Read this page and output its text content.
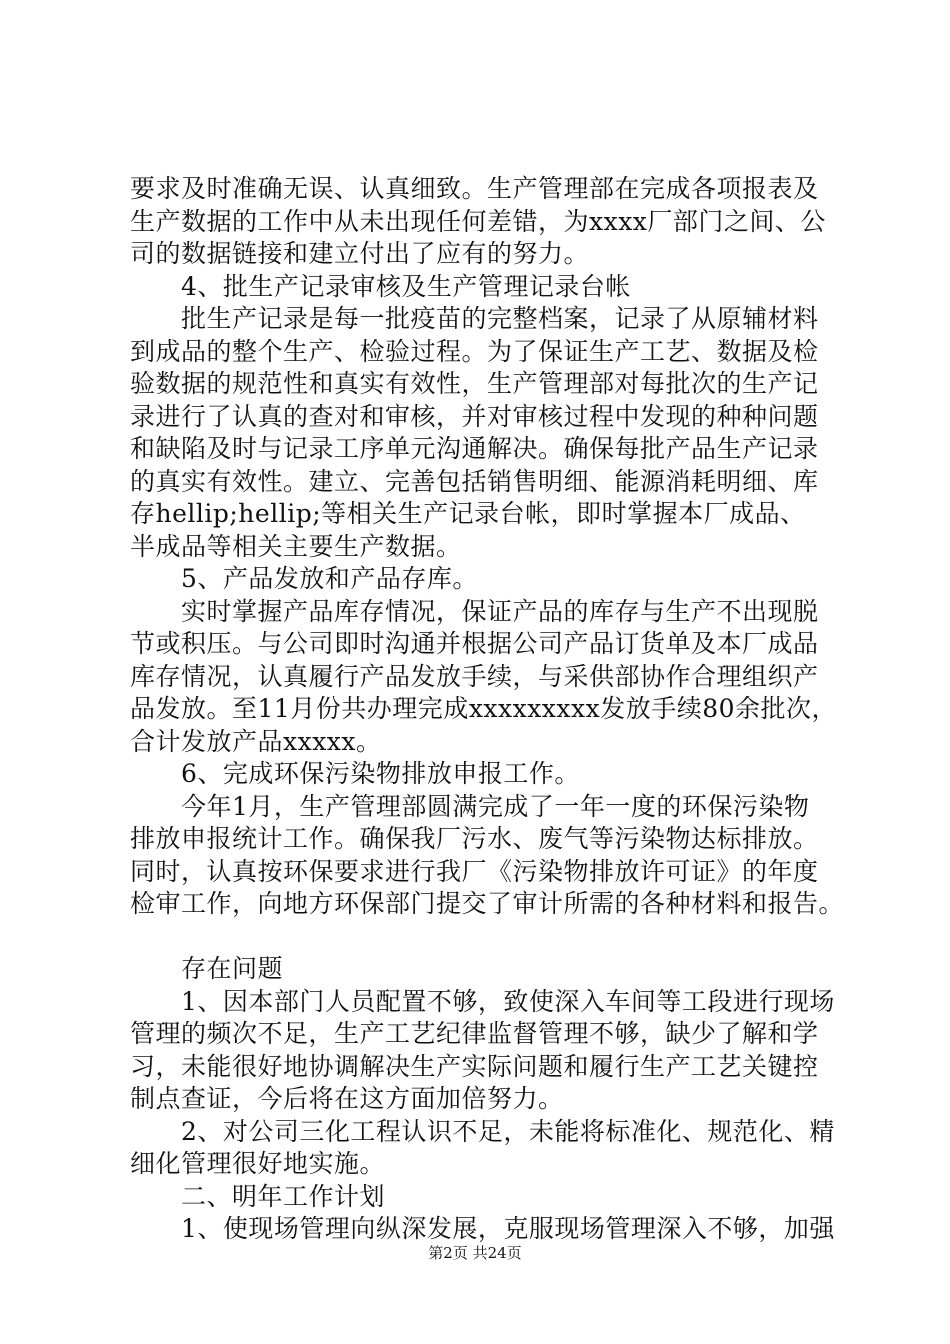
要求及时准确无误、认真细致。生产管理部在完成各项报表及
生产数据的工作中从未出现任何差错，为xxxx厂部门之间、公
司的数据链接和建立付出了应有的努力。
　　4、批生产记录审核及生产管理记录台帐
　　批生产记录是每一批疫苗的完整档案，记录了从原辅材料
到成品的整个生产、检验过程。为了保证生产工艺、数据及检
验数据的规范性和真实有效性，生产管理部对每批次的生产记
录进行了认真的查对和审核，并对审核过程中发现的种种问题
和缺陷及时与记录工序单元沟通解决。确保每批产品生产记录
的真实有效性。建立、完善包括销售明细、能源消耗明细、库
存hellip;hellip;等相关生产记录台帐，即时掌握本厂成品、
半成品等相关主要生产数据。
　　5、产品发放和产品存库。
　　实时掌握产品库存情况，保证产品的库存与生产不出现脱
节或积压。与公司即时沟通并根据公司产品订货单及本厂成品
库存情况，认真履行产品发放手续，与采供部协作合理组织产
品发放。至11月份共办理完成xxxxxxxxx发放手续80余批次，
合计发放产品xxxxx。
　　6、完成环保污染物排放申报工作。
　　今年1月，生产管理部圆满完成了一年一度的环保污染物
排放申报统计工作。确保我厂污水、废气等污染物达标排放。
同时，认真按环保要求进行我厂《污染物排放许可证》的年度
检审工作，向地方环保部门提交了审计所需的各种材料和报告。
　　存在问题
　　1、因本部门人员配置不够，致使深入车间等工段进行现场
管理的频次不足，生产工艺纪律监督管理不够，缺少了解和学
习，未能很好地协调解决生产实际问题和履行生产工艺关键控
制点查证，今后将在这方面加倍努力。
　　2、对公司三化工程认识不足，未能将标准化、规范化、精
细化管理很好地实施。
　　二、明年工作计划
　　1、使现场管理向纵深发展，克服现场管理深入不够，加强
第2页 共24页
